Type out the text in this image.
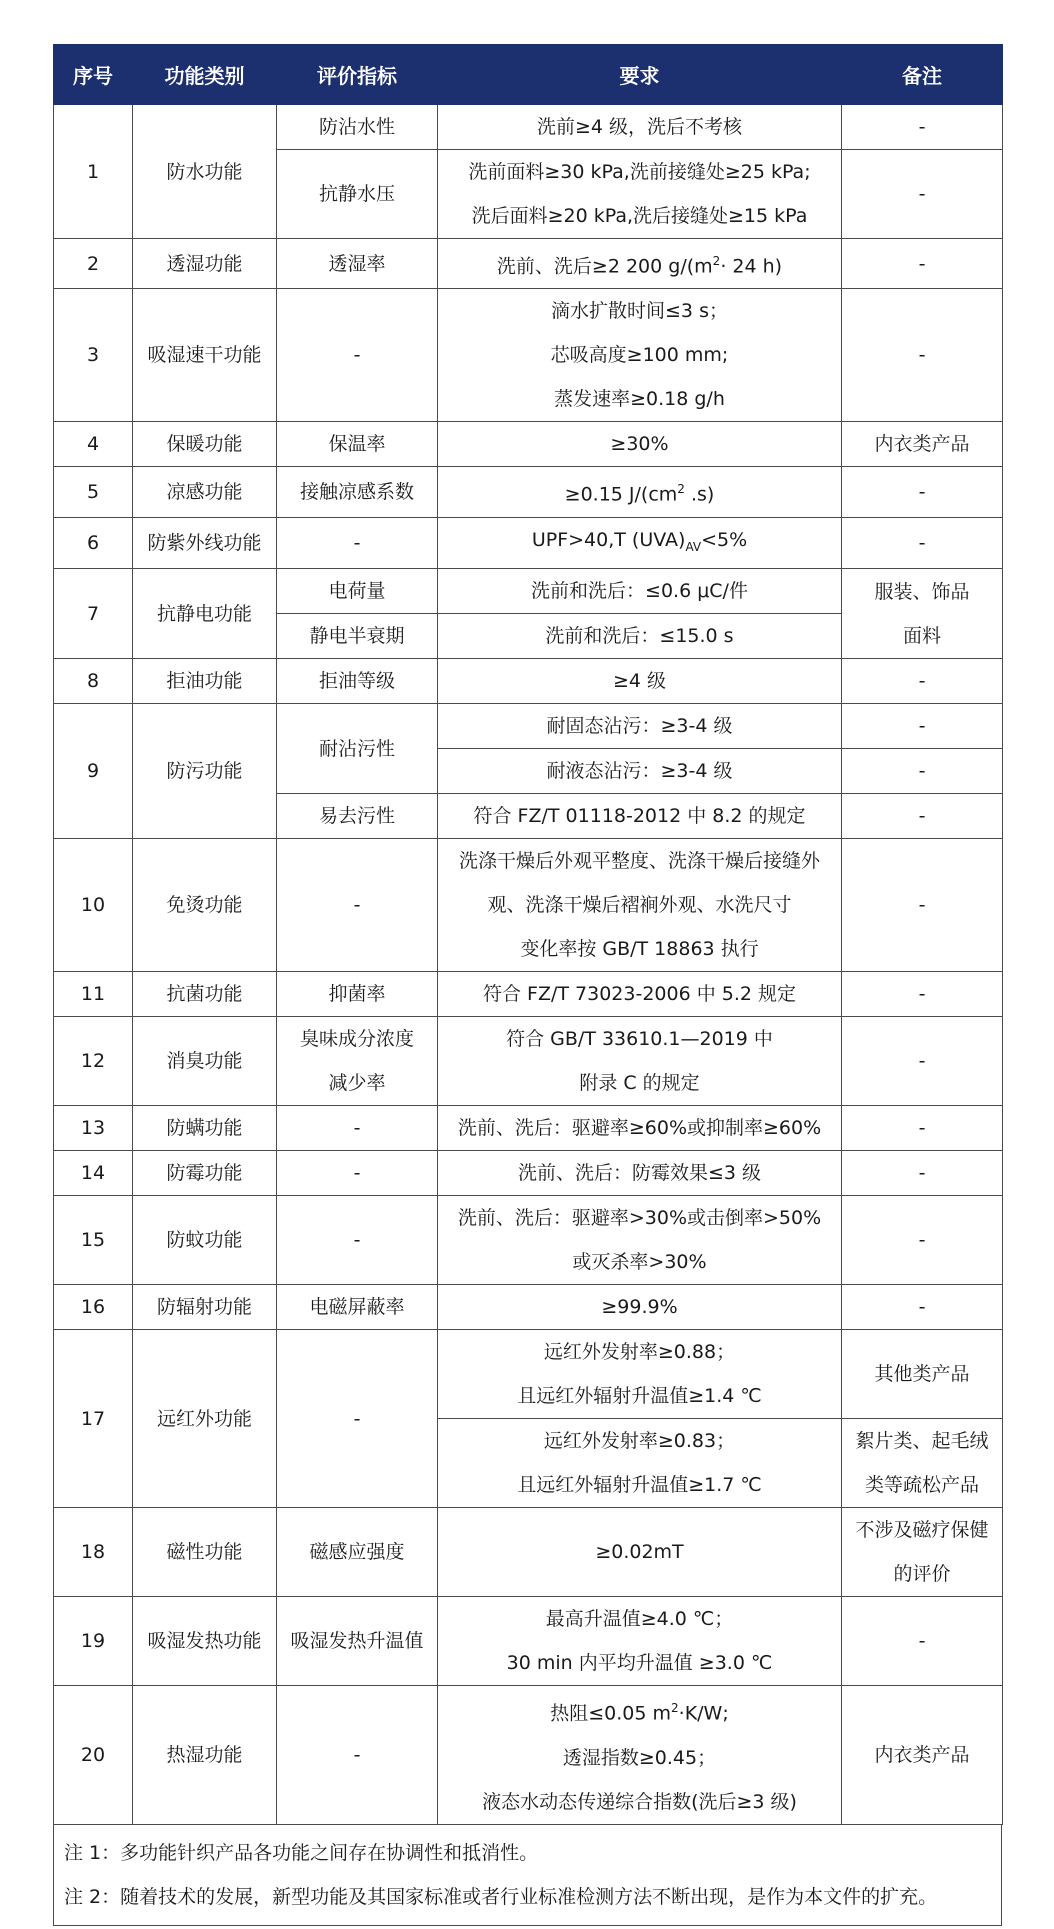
序号	功能类别	评价指标	要求	备注
1	防水功能	防沾水性	洗前≥4 级，洗后不考核	-
		抗静水压	洗前面料≥30 kPa,洗前接缝处≥25 kPa;
洗后面料≥20 kPa,洗后接缝处≥15 kPa	-
2	透湿功能	透湿率	洗前、洗后≥2 200 $g/(m^2\cdot 24$ h)	-
3	吸湿速干功能	-	滴水扩散时间≤3 s；
芯吸高度≥100 mm;
蒸发速率≥0.18 g/h	-
4	保暖功能	保温率	≥30%	内衣类产品
5	凉感功能	接触凉感系数	≥0.15 $J/(cm^2$ .s)	-
6	防紫外线功能	-	UPF>40,T $(UVA)_{AV}<5\%$	-
7	抗静电功能	电荷量	洗前和洗后：≤0.6 μC/件	服装、饰品
		静电半衰期	洗前和洗后：≤15.0 s	面料
8	拒油功能	拒油等级	≥4 级	-
9	防污功能	耐沾污性	耐固态沾污：≥3-4 级	-
			耐液态沾污：≥3-4 级	-
		易去污性	符合 FZ/T 01118-2012 中 8.2 的规定	-
10	免烫功能	-	洗涤干燥后外观平整度、洗涤干燥后接缝外
观、洗涤干燥后褶裥外观、水洗尺寸
变化率按 GB/T 18863 执行	-
11	抗菌功能	抑菌率	符合 FZ/T 73023-2006 中 5.2 规定	-
12	消臭功能	臭味成分浓度
减少率	符合 GB/T 33610.1—2019 中
附录 C 的规定	-
13	防螨功能	-	洗前、洗后：驱避率≥60%或抑制率≥60%	-
14	防霉功能	-	洗前、洗后：防霉效果≤3 级	-
15	防蚊功能	-	洗前、洗后：驱避率>30%或击倒率>50%
或灭杀率>30%	-
16	防辐射功能	电磁屏蔽率	≥99.9%	-
17	远红外功能	-	远红外发射率≥0.88；
且远红外辐射升温值≥1.4 ℃	其他类产品

			远红外发射率≥0.83；
且远红外辐射升温值≥1.7 ℃	絮片类、起毛绒
类等疏松产品

18	磁性功能	磁感应强度	≥0.02mT	不涉及磁疗保健
的评价

19	吸湿发热功能	吸湿发热升温值	最高升温值≥4.0 ℃；
30 min 内平均升温值 ≥3.0 ℃	-
20	热湿功能	-	热阻≤0.05 $m^2\cdot K/W$;
透湿指数≥0.45；
液态水动态传递综合指数(洗后≥3 级)	内衣类产品
注 1：多功能针织产品各功能之间存在协调性和抵消性。
注 2：随着技术的发展，新型功能及其国家标准或者行业标准检测方法不断出现，是作为本文件的扩充。
